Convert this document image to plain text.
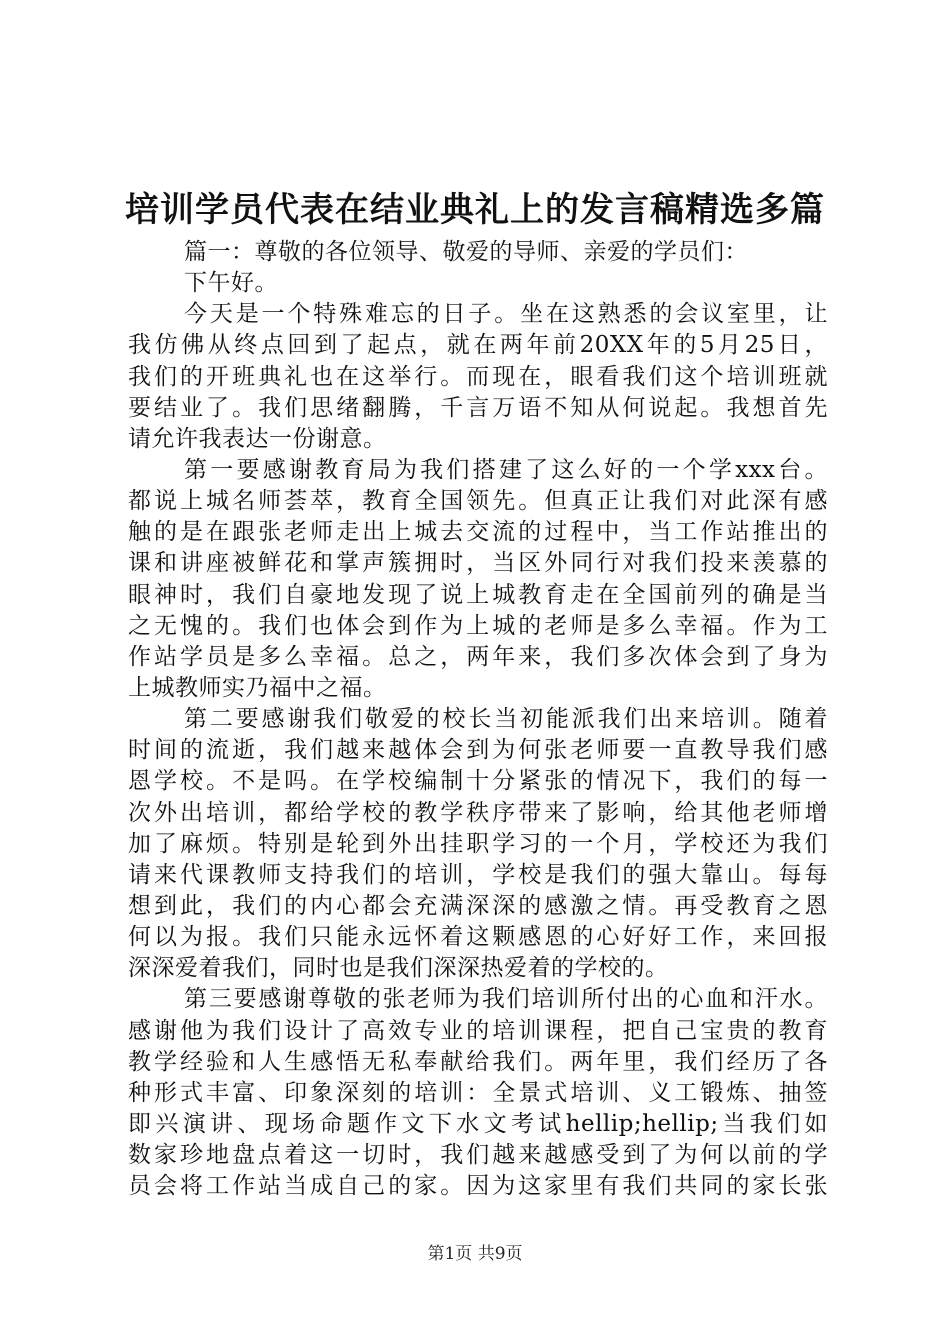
培训学员代表在结业典礼上的发言稿精选多篇
篇一：尊敬的各位领导、敬爱的导师、亲爱的学员们：
下午好。
今天是一个特殊难忘的日子。坐在这熟悉的会议室里，让
我仿佛从终点回到了起点，就在两年前20XX年的5月25日，
我们的开班典礼也在这举行。而现在，眼看我们这个培训班就
要结业了。我们思绪翻腾，千言万语不知从何说起。我想首先
请允许我表达一份谢意。
第一要感谢教育局为我们搭建了这么好的一个学xxx台。
都说上城名师荟萃，教育全国领先。但真正让我们对此深有感
触的是在跟张老师走出上城去交流的过程中，当工作站推出的
课和讲座被鲜花和掌声簇拥时，当区外同行对我们投来羡慕的
眼神时，我们自豪地发现了说上城教育走在全国前列的确是当
之无愧的。我们也体会到作为上城的老师是多么幸福。作为工
作站学员是多么幸福。总之，两年来，我们多次体会到了身为
上城教师实乃福中之福。
第二要感谢我们敬爱的校长当初能派我们出来培训。随着
时间的流逝，我们越来越体会到为何张老师要一直教导我们感
恩学校。不是吗。在学校编制十分紧张的情况下，我们的每一
次外出培训，都给学校的教学秩序带来了影响，给其他老师增
加了麻烦。特别是轮到外出挂职学习的一个月，学校还为我们
请来代课教师支持我们的培训，学校是我们的强大靠山。每每
想到此，我们的内心都会充满深深的感激之情。再受教育之恩
何以为报。我们只能永远怀着这颗感恩的心好好工作，来回报
深深爱着我们，同时也是我们深深热爱着的学校的。
第三要感谢尊敬的张老师为我们培训所付出的心血和汗水。
感谢他为我们设计了高效专业的培训课程，把自己宝贵的教育
教学经验和人生感悟无私奉献给我们。两年里，我们经历了各
种形式丰富、印象深刻的培训：全景式培训、义工锻炼、抽签
即兴演讲、现场命题作文下水文考试hellip;hellip;当我们如
数家珍地盘点着这一切时，我们越来越感受到了为何以前的学
员会将工作站当成自己的家。因为这家里有我们共同的家长张
第1页 共9页
